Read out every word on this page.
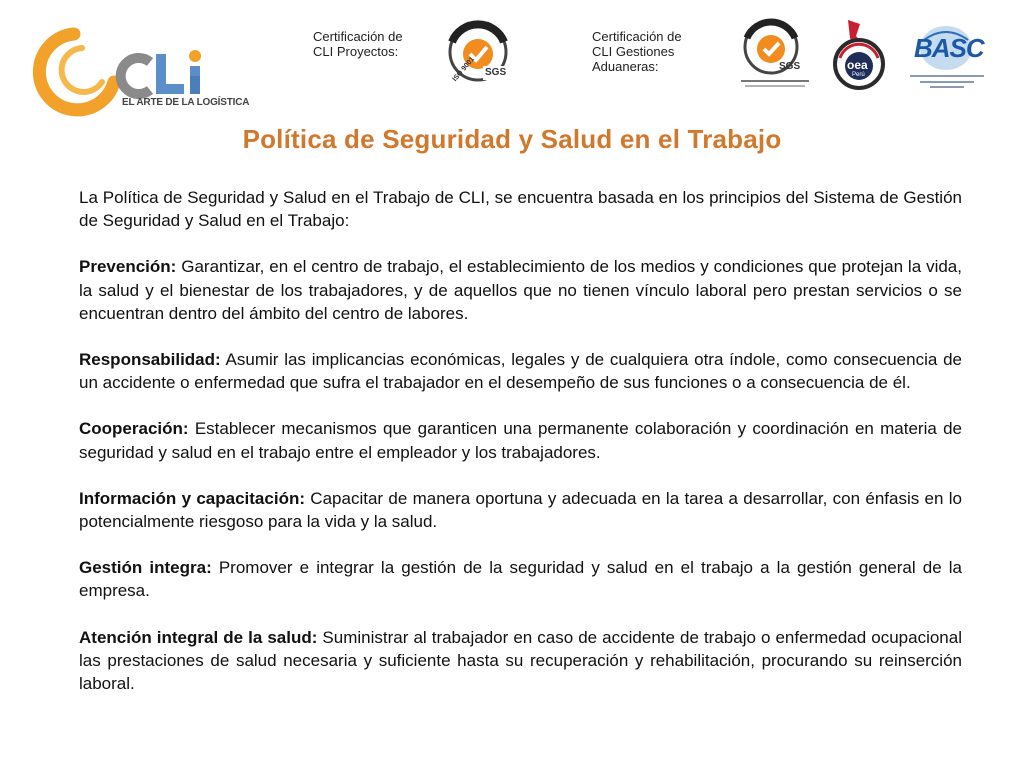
EL ARTE DE LA LOGÍSTICA
Certificación de CLI Proyectos:
Certificación de CLI Gestiones Aduaneras:
SGS
ISO 9001	SGS	oea
Perú
BASC
Política de Seguridad y Salud en el Trabajo

La Política de Seguridad y Salud en el Trabajo de CLI, se encuentra basada en los principios del Sistema de Gestión de Seguridad y Salud en el Trabajo:

Prevención: Garantizar, en el centro de trabajo, el establecimiento de los medios y condiciones que protejan la vida, la salud y el bienestar de los trabajadores, y de aquellos que no tienen vínculo laboral pero prestan servicios o se encuentran dentro del ámbito del centro de labores.

Responsabilidad: Asumir las implicancias económicas, legales y de cualquiera otra índole, como consecuencia de un accidente o enfermedad que sufra el trabajador en el desempeño de sus funciones o a consecuencia de él.

Cooperación: Establecer mecanismos que garanticen una permanente colaboración y coordinación en materia de seguridad y salud en el trabajo entre el empleador y los trabajadores.

Información y capacitación: Capacitar de manera oportuna y adecuada en la tarea a desarrollar, con énfasis en lo potencialmente riesgoso para la vida y la salud.

Gestión integra: Promover e integrar la gestión de la seguridad y salud en el trabajo a la gestión general de la empresa.

Atención integral de la salud: Suministrar al trabajador en caso de accidente de trabajo o enfermedad ocupacional las prestaciones de salud necesaria y suficiente hasta su recuperación y rehabilitación, procurando su reinserción laboral.
